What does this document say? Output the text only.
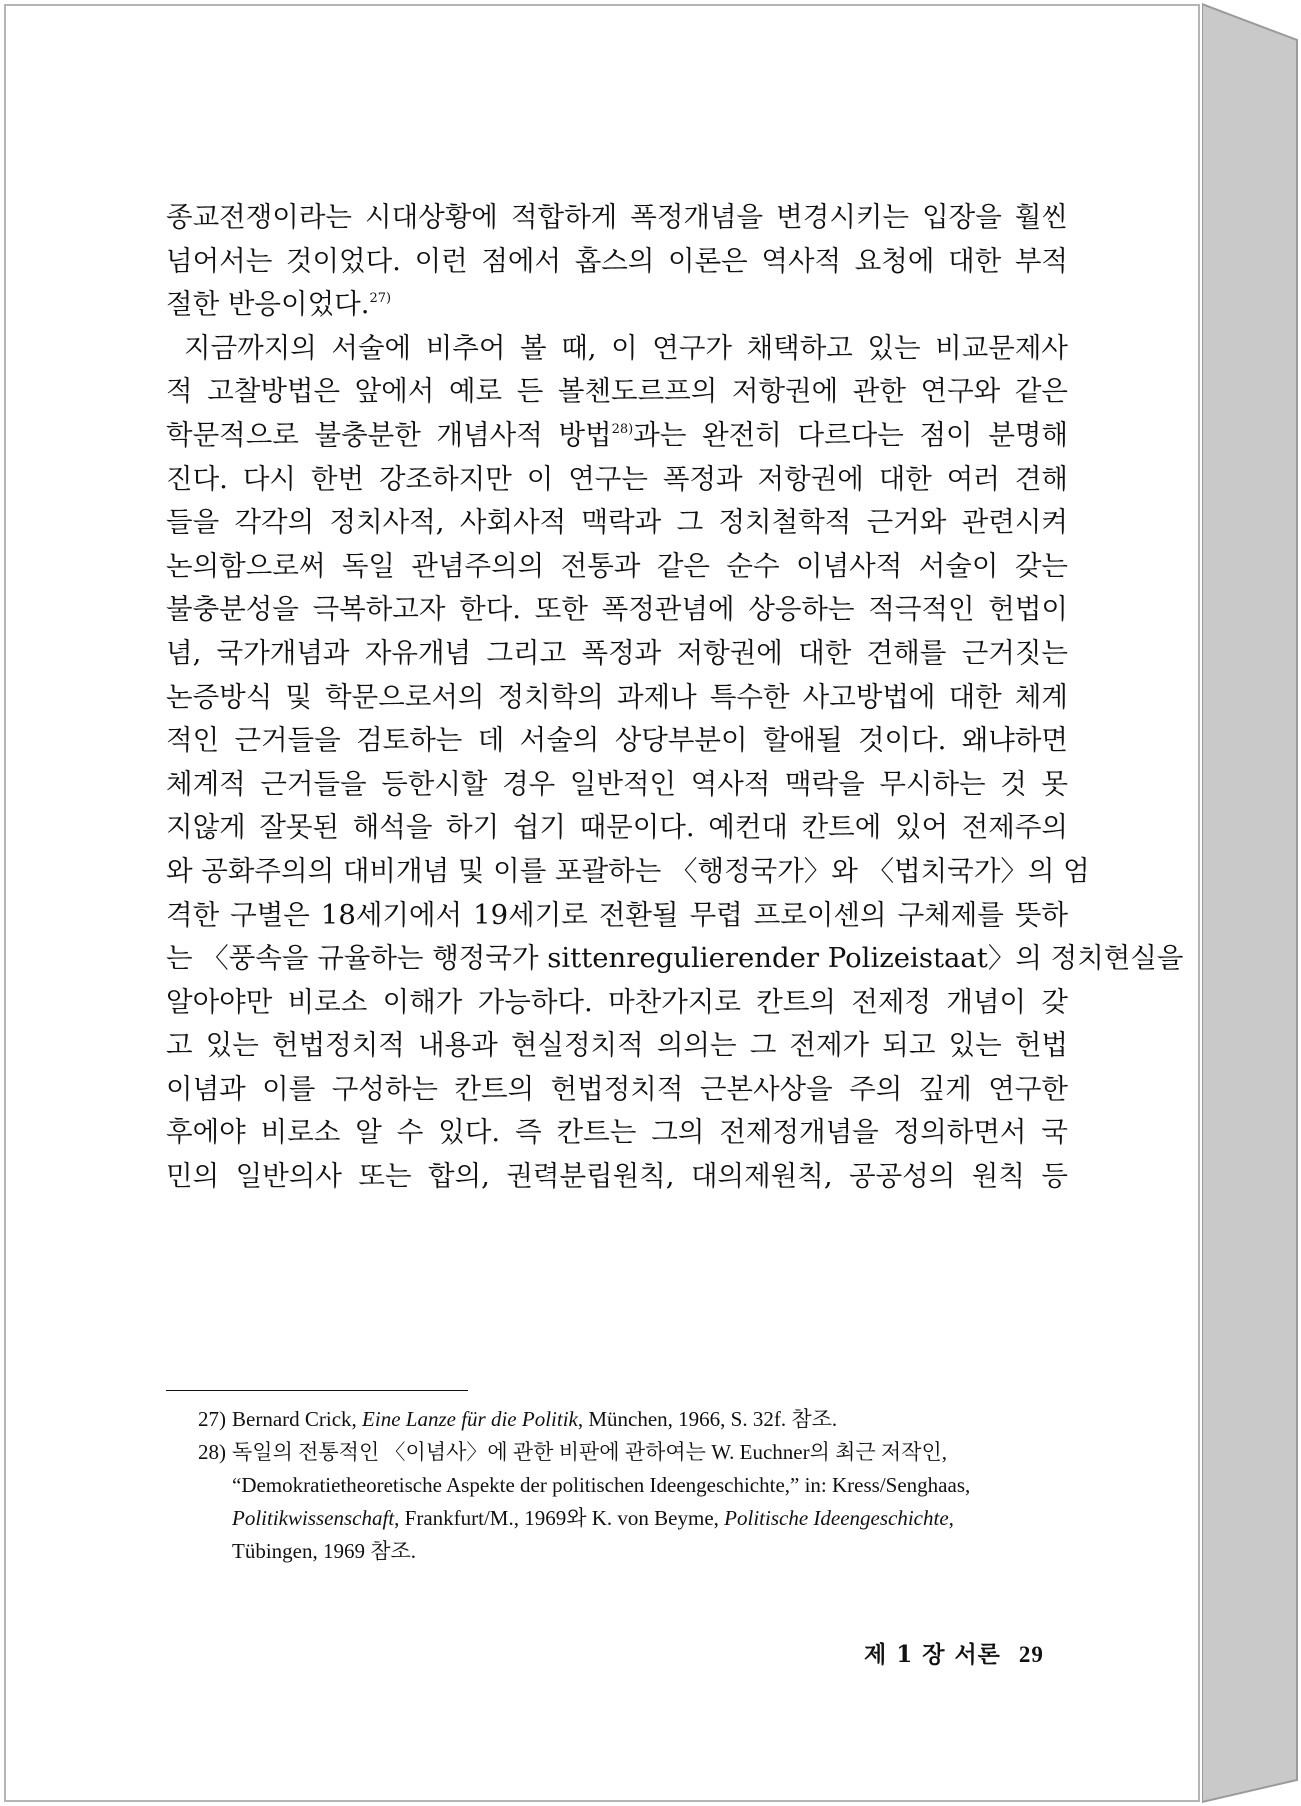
종교전쟁이라는 시대상황에 적합하게 폭정개념을 변경시키는 입장을 훨씬
넘어서는 것이었다. 이런 점에서 홉스의 이론은 역사적 요청에 대한 부적
절한 반응이었다.$^{27)}$
지금까지의 서술에 비추어 볼 때, 이 연구가 채택하고 있는 비교문제사
적 고찰방법은 앞에서 예로 든 볼첸도르프의 저항권에 관한 연구와 같은
학문적으로 불충분한 개념사적 방법$^{28)}$과는 완전히 다르다는 점이 분명해
진다. 다시 한번 강조하지만 이 연구는 폭정과 저항권에 대한 여러 견해
들을 각각의 정치사적, 사회사적 맥락과 그 정치철학적 근거와 관련시켜
논의함으로써 독일 관념주의의 전통과 같은 순수 이념사적 서술이 갖는
불충분성을 극복하고자 한다. 또한 폭정관념에 상응하는 적극적인 헌법이
념, 국가개념과 자유개념 그리고 폭정과 저항권에 대한 견해를 근거짓는
논증방식 및 학문으로서의 정치학의 과제나 특수한 사고방법에 대한 체계
적인 근거들을 검토하는 데 서술의 상당부분이 할애될 것이다. 왜냐하면
체계적 근거들을 등한시할 경우 일반적인 역사적 맥락을 무시하는 것 못
지않게 잘못된 해석을 하기 쉽기 때문이다. 예컨대 칸트에 있어 전제주의
와 공화주의의 대비개념 및 이를 포괄하는 〈행정국가〉와 〈법치국가〉의 엄
격한 구별은 18세기에서 19세기로 전환될 무렵 프로이센의 구체제를 뜻하
는 〈풍속을 규율하는 행정국가 sittenregulierender Polizeistaat〉의 정치현실을
알아야만 비로소 이해가 가능하다. 마찬가지로 칸트의 전제정 개념이 갖
고 있는 헌법정치적 내용과 현실정치적 의의는 그 전제가 되고 있는 헌법
이념과 이를 구성하는 칸트의 헌법정치적 근본사상을 주의 깊게 연구한
후에야 비로소 알 수 있다. 즉 칸트는 그의 전제정개념을 정의하면서 국
민의 일반의사 또는 합의, 권력분립원칙, 대의제원칙, 공공성의 원칙 등
27) Bernard Crick, Eine Lanze für die Politik, München, 1966, S. 32f. 참조.
28) 독일의 전통적인 〈이념사〉에 관한 비판에 관하여는 W. Euchner의 최근 저작인,
“Demokratietheoretische Aspekte der politischen Ideengeschichte,” in: Kress/Senghaas,
Politikwissenschaft, Frankfurt/M., 1969와 K. von Beyme, Politische Ideengeschichte,
Tübingen, 1969 참조.
제 1 장 서론 29
